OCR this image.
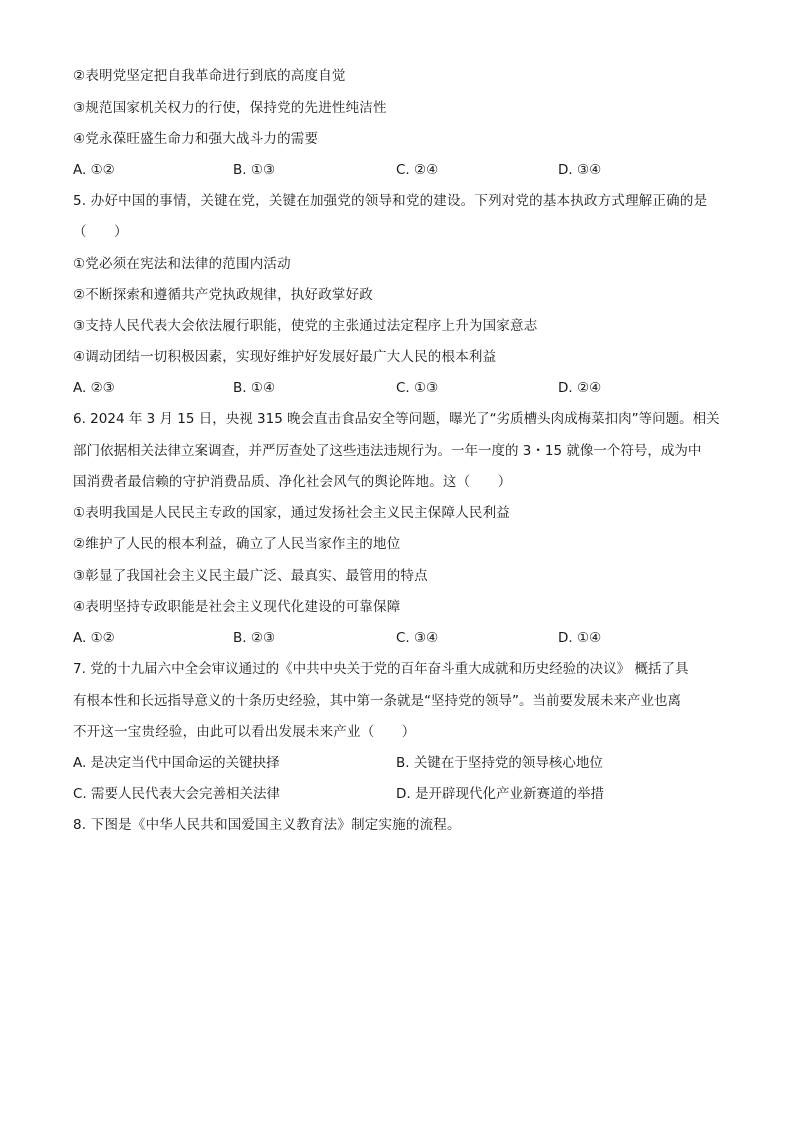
②表明党坚定把自我革命进行到底的高度自觉
③规范国家机关权力的行使，保持党的先进性纯洁性
④党永葆旺盛生命力和强大战斗力的需要
A. ①②	B. ①③	C. ②④	D. ③④
5. 办好中国的事情，关键在党，关键在加强党的领导和党的建设。下列对党的基本执政方式理解正确的是
（　　）
①党必须在宪法和法律的范围内活动
②不断探索和遵循共产党执政规律，执好政掌好政
③支持人民代表大会依法履行职能，使党的主张通过法定程序上升为国家意志
④调动团结一切积极因素，实现好维护好发展好最广大人民的根本利益
A. ②③	B. ①④	C. ①③	D. ②④
6. 2024 年 3 月 15 日，央视 315 晚会直击食品安全等问题，曝光了“劣质槽头肉成梅菜扣肉”等问题。相关
部门依据相关法律立案调查，并严厉查处了这些违法违规行为。一年一度的 3・15 就像一个符号，成为中
国消费者最信赖的守护消费品质、净化社会风气的舆论阵地。这（　　）
①表明我国是人民民主专政的国家，通过发扬社会主义民主保障人民利益
②维护了人民的根本利益，确立了人民当家作主的地位
③彰显了我国社会主义民主最广泛、最真实、最管用的特点
④表明坚持专政职能是社会主义现代化建设的可靠保障
A. ①②	B. ②③	C. ③④	D. ①④
7. 党的十九届六中全会审议通过的《中共中央关于党的百年奋斗重大成就和历史经验的决议》 概括了具
有根本性和长远指导意义的十条历史经验，其中第一条就是“坚持党的领导”。当前要发展未来产业也离
不开这一宝贵经验，由此可以看出发展未来产业（　　）
A. 是决定当代中国命运的关键抉择	B. 关键在于坚持党的领导核心地位
C. 需要人民代表大会完善相关法律	D. 是开辟现代化产业新赛道的举措
8. 下图是《中华人民共和国爱国主义教育法》制定实施的流程。
